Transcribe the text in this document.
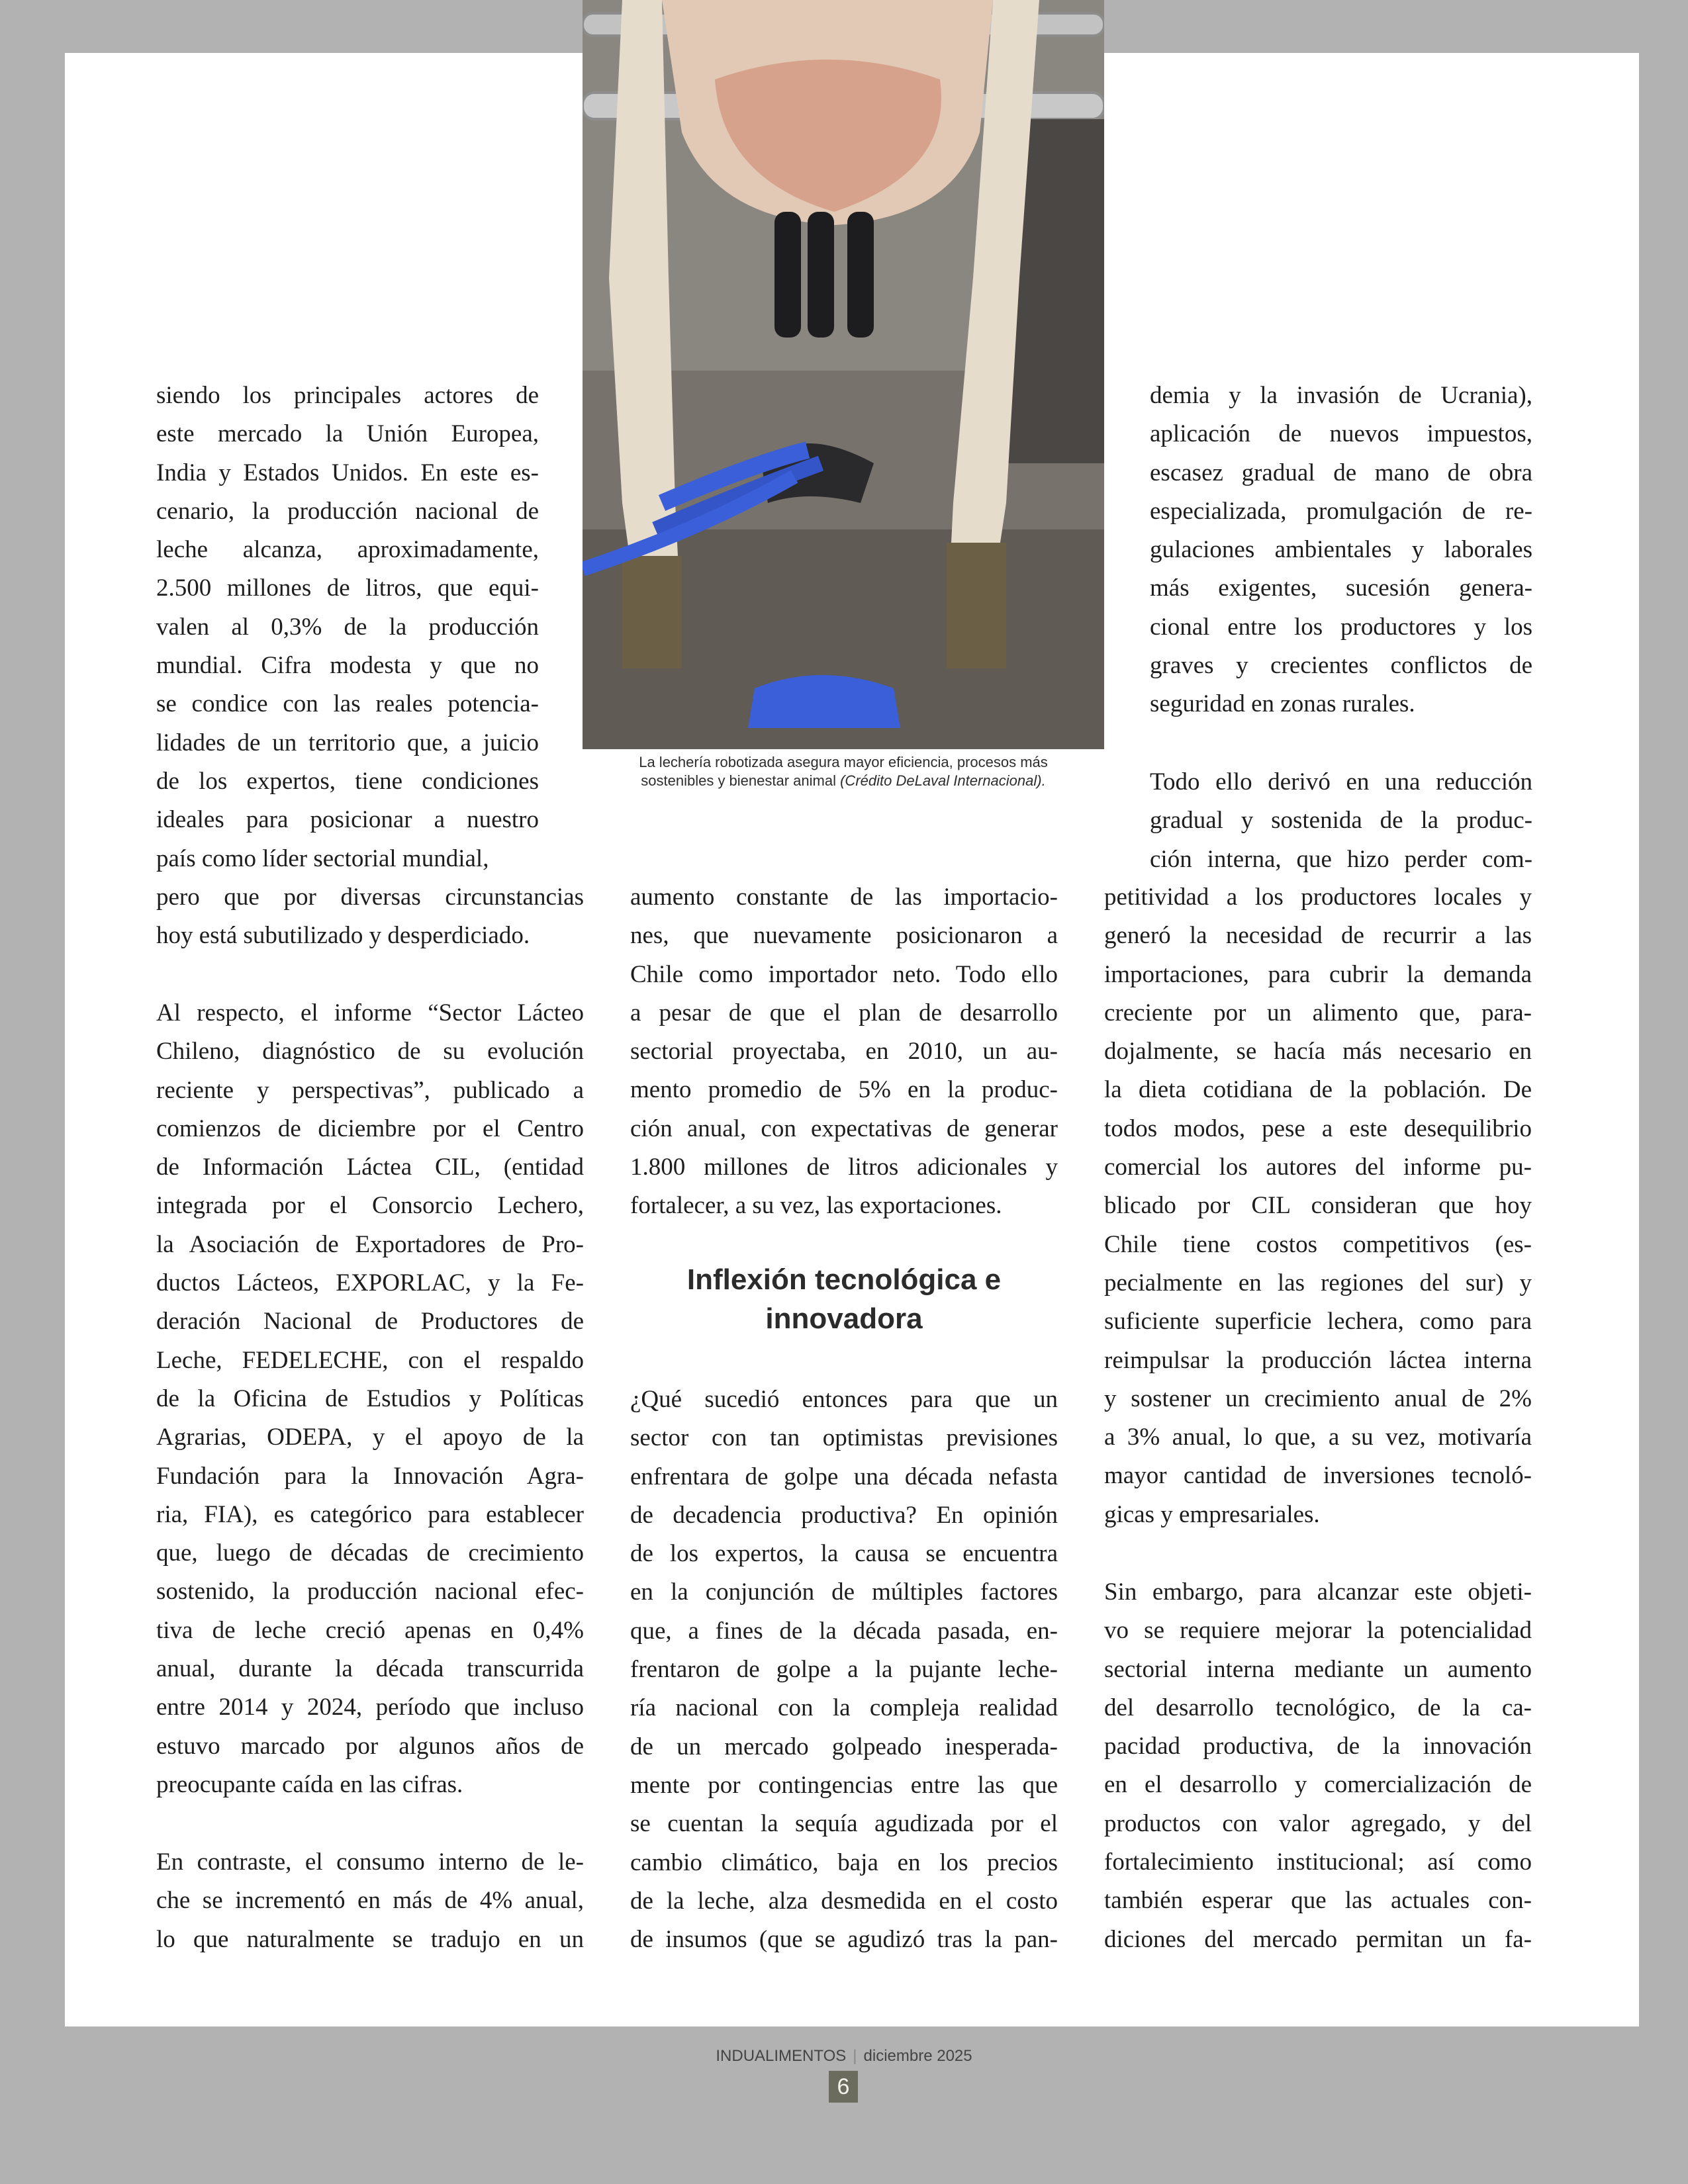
La lechería robotizada asegura mayor eficiencia, procesos más
sostenibles y bienestar animal (Crédito DeLaval Internacional).
siendo los principales actores de
este mercado la Unión Europea,
India y Estados Unidos. En este es-
cenario, la producción nacional de
leche alcanza, aproximadamente,
2.500 millones de litros, que equi-
valen al 0,3% de la producción
mundial. Cifra modesta y que no
se condice con las reales potencia-
lidades de un territorio que, a juicio
de los expertos, tiene condiciones
ideales para posicionar a nuestro
país como líder sectorial mundial,
pero que por diversas circunstancias
hoy está subutilizado y desperdiciado.
Al respecto, el informe “Sector Lácteo
Chileno, diagnóstico de su evolución
reciente y perspectivas”, publicado a
comienzos de diciembre por el Centro
de Información Láctea CIL, (entidad
integrada por el Consorcio Lechero,
la Asociación de Exportadores de Pro-
ductos Lácteos, EXPORLAC, y la Fe-
deración Nacional de Productores de
Leche, FEDELECHE, con el respaldo
de la Oficina de Estudios y Políticas
Agrarias, ODEPA, y el apoyo de la
Fundación para la Innovación Agra-
ria, FIA), es categórico para establecer
que, luego de décadas de crecimiento
sostenido, la producción nacional efec-
tiva de leche creció apenas en 0,4%
anual, durante la década transcurrida
entre 2014 y 2024, período que incluso
estuvo marcado por algunos años de
preocupante caída en las cifras.
En contraste, el consumo interno de le-
che se incrementó en más de 4% anual,
lo que naturalmente se tradujo en un
aumento constante de las importacio-
nes, que nuevamente posicionaron a
Chile como importador neto. Todo ello
a pesar de que el plan de desarrollo
sectorial proyectaba, en 2010, un au-
mento promedio de 5% en la produc-
ción anual, con expectativas de generar
1.800 millones de litros adicionales y
fortalecer, a su vez, las exportaciones.
Inflexión tecnológica e
innovadora
¿Qué sucedió entonces para que un
sector con tan optimistas previsiones
enfrentara de golpe una década nefasta
de decadencia productiva? En opinión
de los expertos, la causa se encuentra
en la conjunción de múltiples factores
que, a fines de la década pasada, en-
frentaron de golpe a la pujante leche-
ría nacional con la compleja realidad
de un mercado golpeado inesperada-
mente por contingencias entre las que
se cuentan la sequía agudizada por el
cambio climático, baja en los precios
de la leche, alza desmedida en el costo
de insumos (que se agudizó tras la pan-
demia y la invasión de Ucrania),
aplicación de nuevos impuestos,
escasez gradual de mano de obra
especializada, promulgación de re-
gulaciones ambientales y laborales
más exigentes, sucesión genera-
cional entre los productores y los
graves y crecientes conflictos de
seguridad en zonas rurales.
Todo ello derivó en una reducción
gradual y sostenida de la produc-
ción interna, que hizo perder com-
petitividad a los productores locales y
generó la necesidad de recurrir a las
importaciones, para cubrir la demanda
creciente por un alimento que, para-
dojalmente, se hacía más necesario en
la dieta cotidiana de la población. De
todos modos, pese a este desequilibrio
comercial los autores del informe pu-
blicado por CIL consideran que hoy
Chile tiene costos competitivos (es-
pecialmente en las regiones del sur) y
suficiente superficie lechera, como para
reimpulsar la producción láctea interna
y sostener un crecimiento anual de 2%
a 3% anual, lo que, a su vez, motivaría
mayor cantidad de inversiones tecnoló-
gicas y empresariales.
Sin embargo, para alcanzar este objeti-
vo se requiere mejorar la potencialidad
sectorial interna mediante un aumento
del desarrollo tecnológico, de la ca-
pacidad productiva, de la innovación
en el desarrollo y comercialización de
productos con valor agregado, y del
fortalecimiento institucional; así como
también esperar que las actuales con-
diciones del mercado permitan un fa-
INDUALIMENTOS | diciembre 2025
6
